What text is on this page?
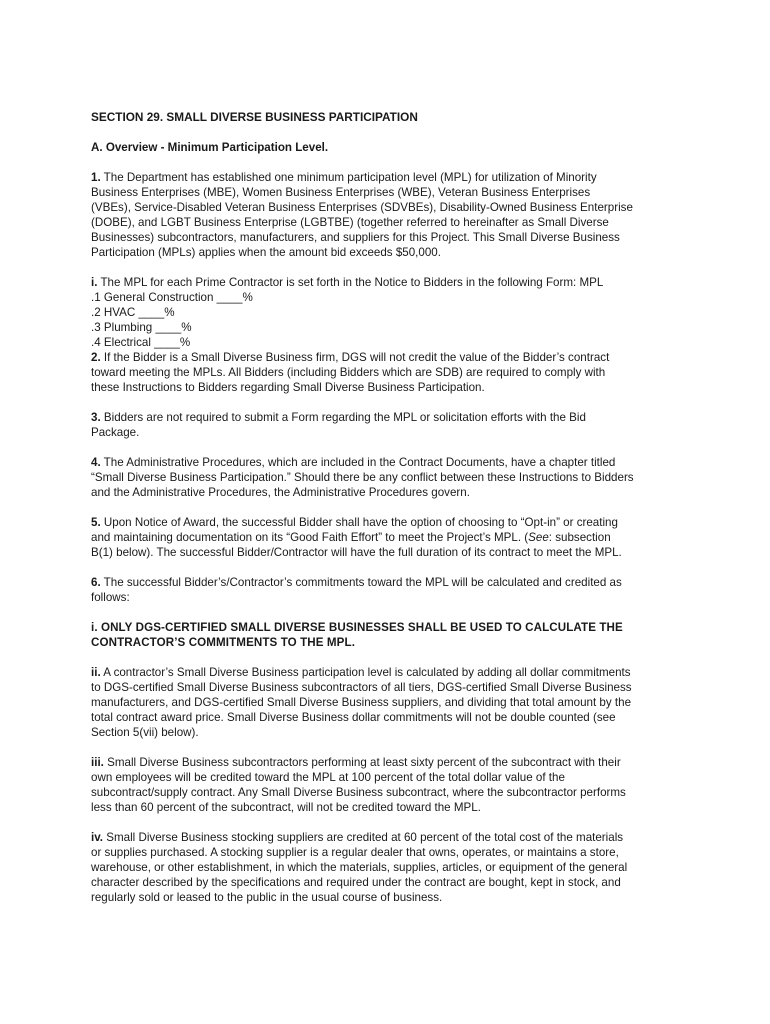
SECTION 29. SMALL DIVERSE BUSINESS PARTICIPATION
A. Overview - Minimum Participation Level.
1. The Department has established one minimum participation level (MPL) for utilization of Minority
Business Enterprises (MBE), Women Business Enterprises (WBE), Veteran Business Enterprises
(VBEs), Service-Disabled Veteran Business Enterprises (SDVBEs), Disability-Owned Business Enterprise
(DOBE), and LGBT Business Enterprise (LGBTBE) (together referred to hereinafter as Small Diverse
Businesses) subcontractors, manufacturers, and suppliers for this Project. This Small Diverse Business
Participation (MPLs) applies when the amount bid exceeds $50,000.
i. The MPL for each Prime Contractor is set forth in the Notice to Bidders in the following Form: MPL
.1 General Construction ____%
.2 HVAC ____%
.3 Plumbing ____%
.4 Electrical ____%
2. If the Bidder is a Small Diverse Business firm, DGS will not credit the value of the Bidder’s contract
toward meeting the MPLs. All Bidders (including Bidders which are SDB) are required to comply with
these Instructions to Bidders regarding Small Diverse Business Participation.
3. Bidders are not required to submit a Form regarding the MPL or solicitation efforts with the Bid
Package.
4. The Administrative Procedures, which are included in the Contract Documents, have a chapter titled
“Small Diverse Business Participation.” Should there be any conflict between these Instructions to Bidders
and the Administrative Procedures, the Administrative Procedures govern.
5. Upon Notice of Award, the successful Bidder shall have the option of choosing to “Opt-in” or creating
and maintaining documentation on its “Good Faith Effort” to meet the Project’s MPL. (See: subsection
B(1) below). The successful Bidder/Contractor will have the full duration of its contract to meet the MPL.
6. The successful Bidder’s/Contractor’s commitments toward the MPL will be calculated and credited as
follows:
i. ONLY DGS-CERTIFIED SMALL DIVERSE BUSINESSES SHALL BE USED TO CALCULATE THE
CONTRACTOR’S COMMITMENTS TO THE MPL.
ii. A contractor’s Small Diverse Business participation level is calculated by adding all dollar commitments
to DGS-certified Small Diverse Business subcontractors of all tiers, DGS-certified Small Diverse Business
manufacturers, and DGS-certified Small Diverse Business suppliers, and dividing that total amount by the
total contract award price. Small Diverse Business dollar commitments will not be double counted (see
Section 5(vii) below).
iii. Small Diverse Business subcontractors performing at least sixty percent of the subcontract with their
own employees will be credited toward the MPL at 100 percent of the total dollar value of the
subcontract/supply contract. Any Small Diverse Business subcontract, where the subcontractor performs
less than 60 percent of the subcontract, will not be credited toward the MPL.
iv. Small Diverse Business stocking suppliers are credited at 60 percent of the total cost of the materials
or supplies purchased. A stocking supplier is a regular dealer that owns, operates, or maintains a store,
warehouse, or other establishment, in which the materials, supplies, articles, or equipment of the general
character described by the specifications and required under the contract are bought, kept in stock, and
regularly sold or leased to the public in the usual course of business.
